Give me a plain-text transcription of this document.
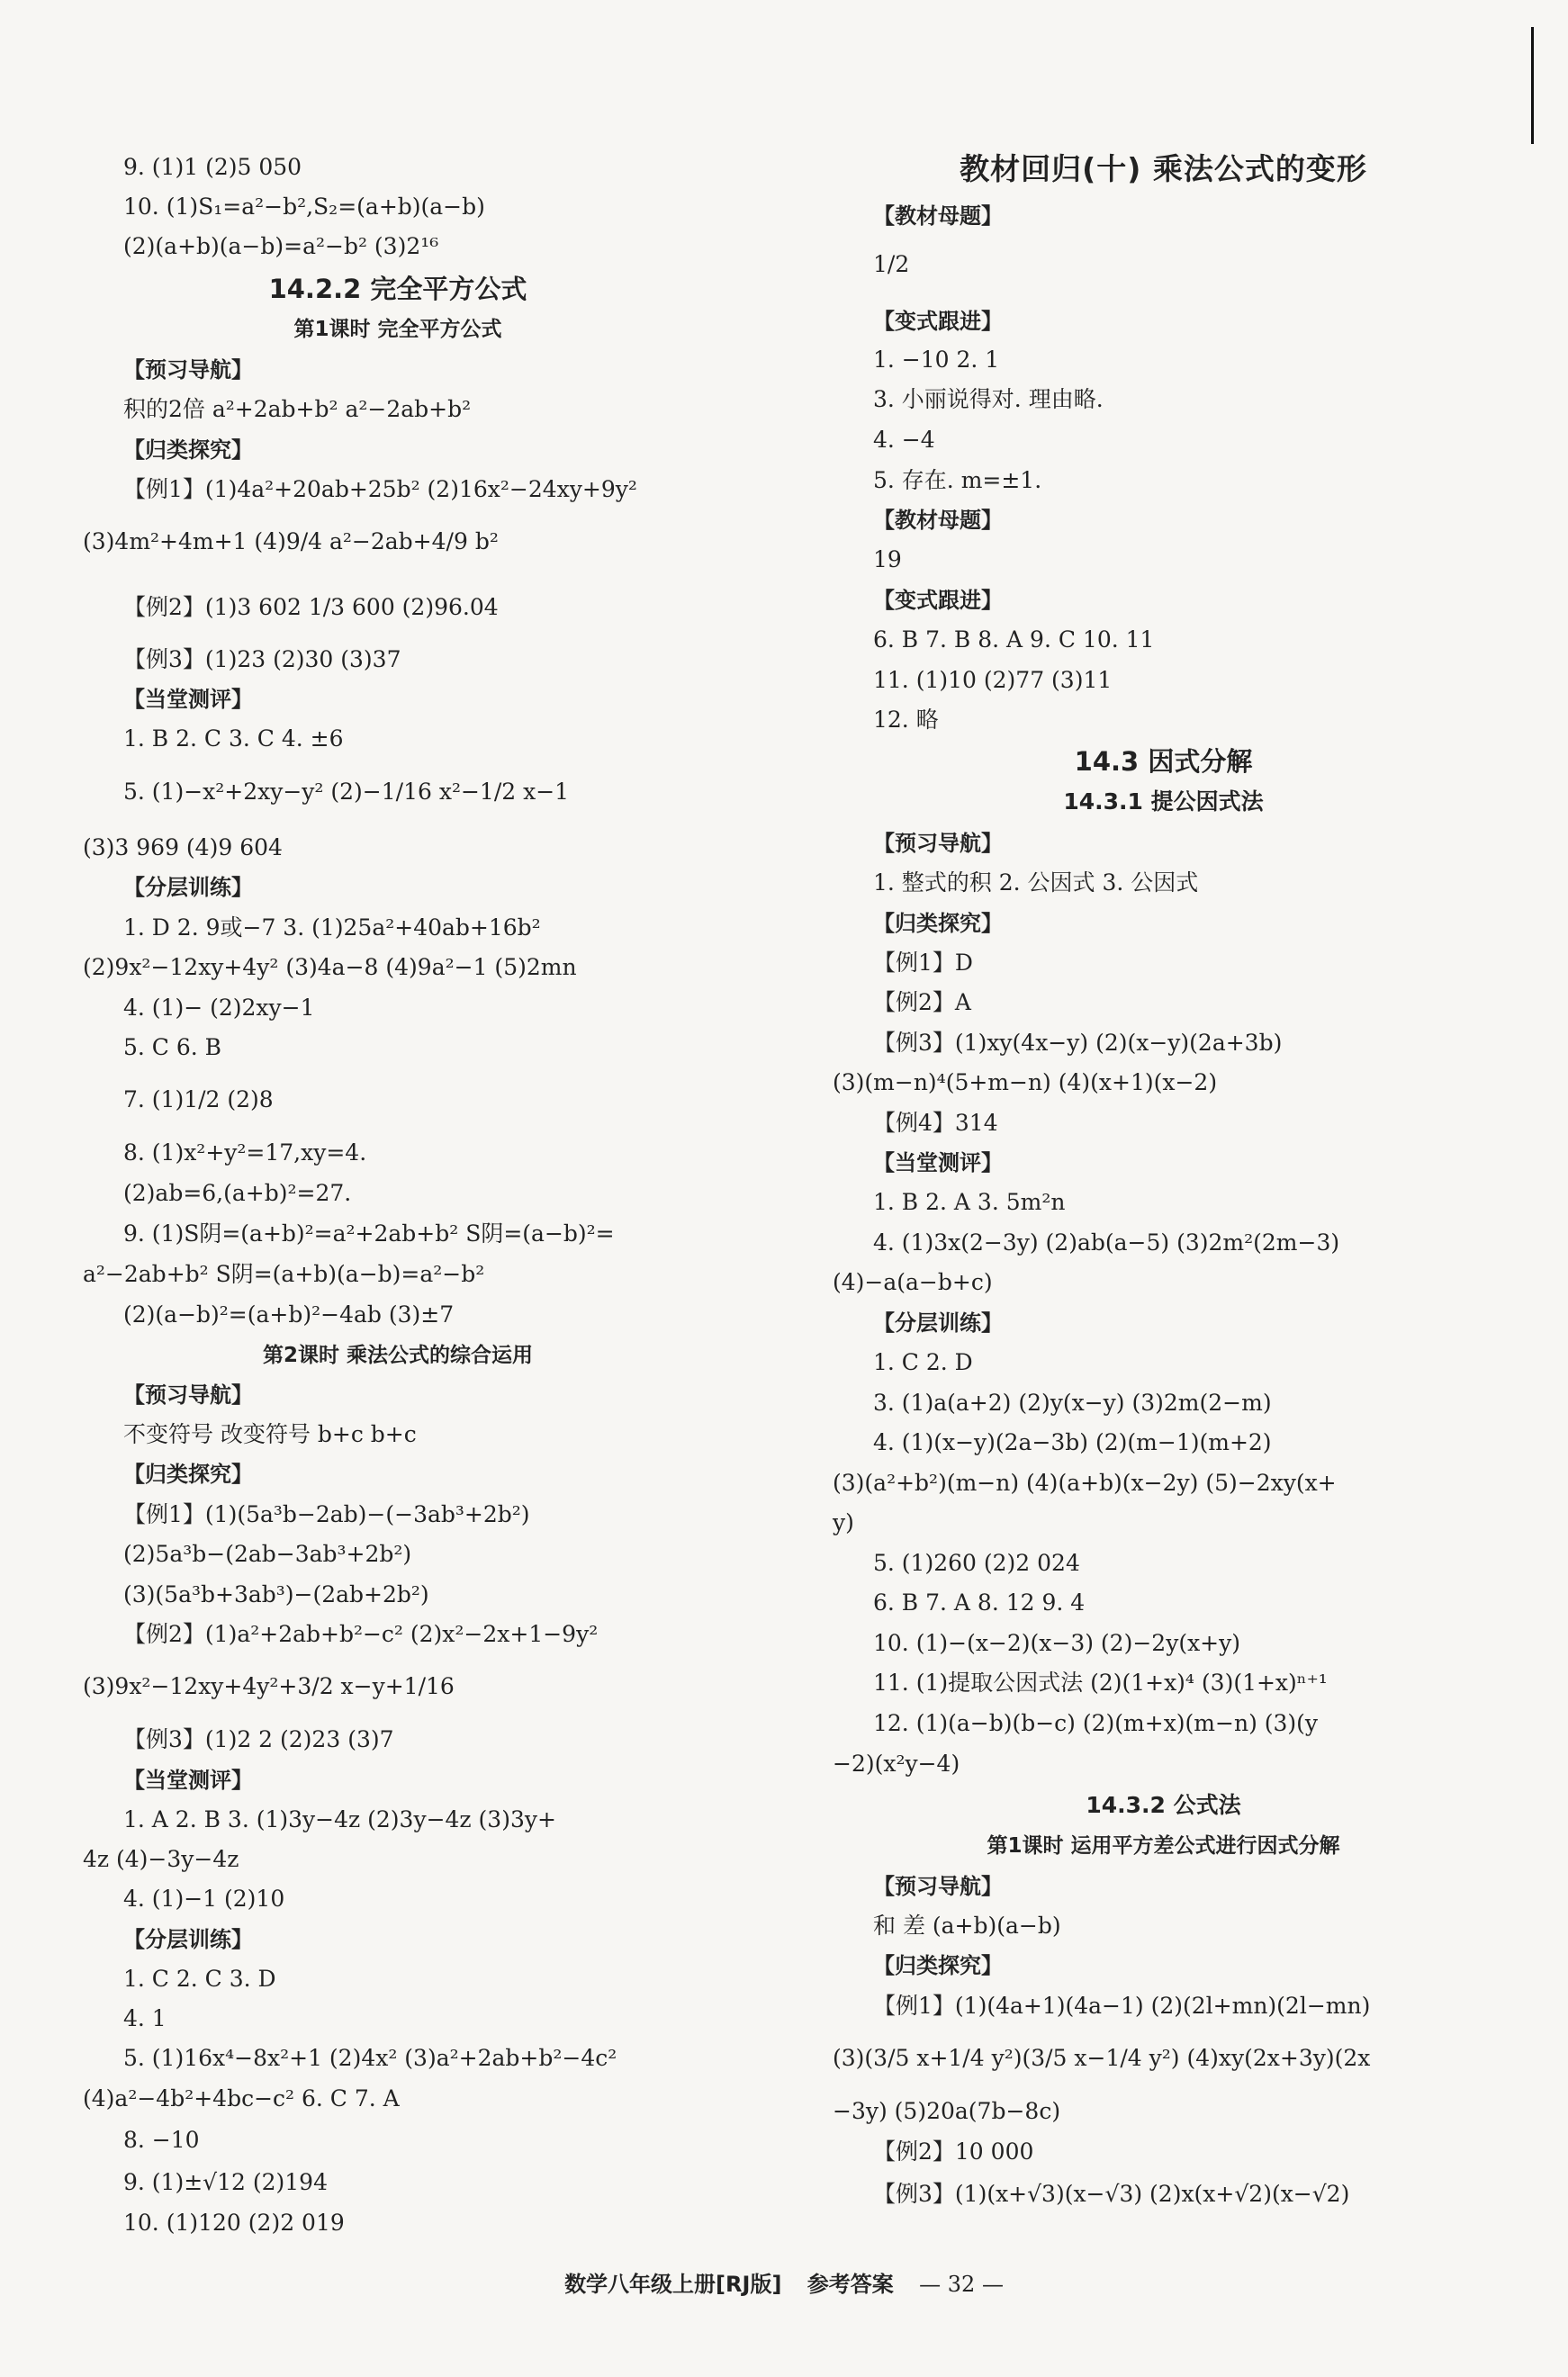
9. (1)1 (2)5 050
10. (1)S₁=a²−b²,S₂=(a+b)(a−b)
(2)(a+b)(a−b)=a²−b² (3)2¹⁶
14.2.2 完全平方公式
第1课时 完全平方公式
【预习导航】
积的2倍 a²+2ab+b² a²−2ab+b²
【归类探究】
【例1】(1)4a²+20ab+25b² (2)16x²−24xy+9y²
(3)4m²+4m+1 (4)9/4 a²−2ab+4/9 b²
【例2】(1)3 602 1/3 600 (2)96.04
【例3】(1)23 (2)30 (3)37
【当堂测评】
1. B 2. C 3. C 4. ±6
5. (1)−x²+2xy−y² (2)−1/16 x²−1/2 x−1
(3)3 969 (4)9 604
【分层训练】
1. D 2. 9或−7 3. (1)25a²+40ab+16b²
(2)9x²−12xy+4y² (3)4a−8 (4)9a²−1 (5)2mn
4. (1)− (2)2xy−1
5. C 6. B
7. (1)1/2 (2)8
8. (1)x²+y²=17,xy=4.
(2)ab=6,(a+b)²=27.
9. (1)S阴=(a+b)²=a²+2ab+b² S阴=(a−b)²=
a²−2ab+b² S阴=(a+b)(a−b)=a²−b²
(2)(a−b)²=(a+b)²−4ab (3)±7
第2课时 乘法公式的综合运用
【预习导航】
不变符号 改变符号 b+c b+c
【归类探究】
【例1】(1)(5a³b−2ab)−(−3ab³+2b²)
(2)5a³b−(2ab−3ab³+2b²)
(3)(5a³b+3ab³)−(2ab+2b²)
【例2】(1)a²+2ab+b²−c² (2)x²−2x+1−9y²
(3)9x²−12xy+4y²+3/2 x−y+1/16
【例3】(1)2 2 (2)23 (3)7
【当堂测评】
1. A 2. B 3. (1)3y−4z (2)3y−4z (3)3y+
4z (4)−3y−4z
4. (1)−1 (2)10
【分层训练】
1. C 2. C 3. D
4. 1
5. (1)16x⁴−8x²+1 (2)4x² (3)a²+2ab+b²−4c²
(4)a²−4b²+4bc−c² 6. C 7. A
8. −10
9. (1)±√12 (2)194
10. (1)120 (2)2 019
教材回归(十) 乘法公式的变形
【教材母题】
1/2
【变式跟进】
1. −10 2. 1
3. 小丽说得对. 理由略.
4. −4
5. 存在. m=±1.
【教材母题】
19
【变式跟进】
6. B 7. B 8. A 9. C 10. 11
11. (1)10 (2)77 (3)11
12. 略
14.3 因式分解
14.3.1 提公因式法
【预习导航】
1. 整式的积 2. 公因式 3. 公因式
【归类探究】
【例1】D
【例2】A
【例3】(1)xy(4x−y) (2)(x−y)(2a+3b)
(3)(m−n)⁴(5+m−n) (4)(x+1)(x−2)
【例4】314
【当堂测评】
1. B 2. A 3. 5m²n
4. (1)3x(2−3y) (2)ab(a−5) (3)2m²(2m−3)
(4)−a(a−b+c)
【分层训练】
1. C 2. D
3. (1)a(a+2) (2)y(x−y) (3)2m(2−m)
4. (1)(x−y)(2a−3b) (2)(m−1)(m+2)
(3)(a²+b²)(m−n) (4)(a+b)(x−2y) (5)−2xy(x+
y)
5. (1)260 (2)2 024
6. B 7. A 8. 12 9. 4
10. (1)−(x−2)(x−3) (2)−2y(x+y)
11. (1)提取公因式法 (2)(1+x)⁴ (3)(1+x)ⁿ⁺¹
12. (1)(a−b)(b−c) (2)(m+x)(m−n) (3)(y
−2)(x²y−4)
14.3.2 公式法
第1课时 运用平方差公式进行因式分解
【预习导航】
和 差 (a+b)(a−b)
【归类探究】
【例1】(1)(4a+1)(4a−1) (2)(2l+mn)(2l−mn)
(3)(3/5 x+1/4 y²)(3/5 x−1/4 y²) (4)xy(2x+3y)(2x
−3y) (5)20a(7b−8c)
【例2】10 000
【例3】(1)(x+√3)(x−√3) (2)x(x+√2)(x−√2)
数学八年级上册[RJ版] 参考答案 — 32 —
